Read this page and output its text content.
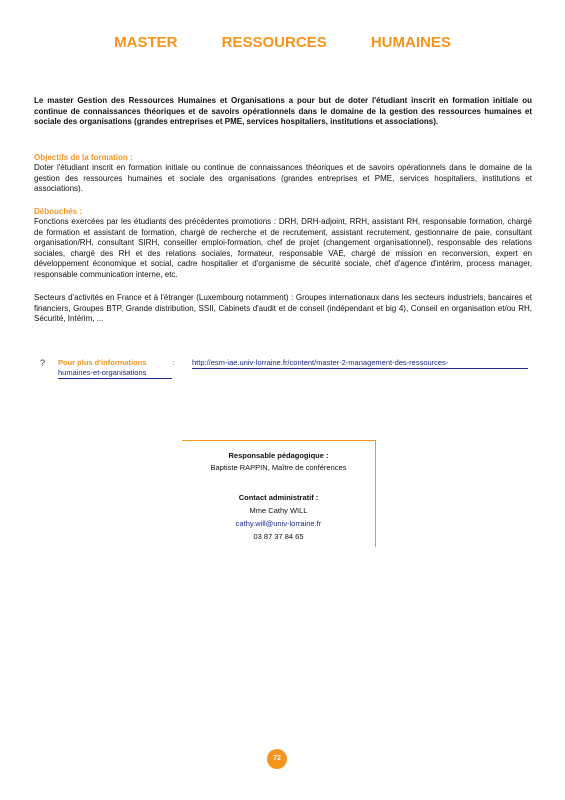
MASTER RESSOURCES HUMAINES
Le master Gestion des Ressources Humaines et Organisations a pour but de doter l'étudiant inscrit en formation initiale ou continue de connaissances théoriques et de savoirs opérationnels dans le domaine de la gestion des ressources humaines et sociale des organisations (grandes entreprises et PME, services hospitaliers, institutions et associations).
Objectifs de la formation :
Doter l'étudiant inscrit en formation initiale ou continue de connaissances théoriques et de savoirs opérationnels dans le domaine de la gestion des ressources humaines et sociale des organisations (grandes entreprises et PME, services hospitaliers, institutions et associations).
Débouchés :
Fonctions exercées par les étudiants des précédentes promotions : DRH, DRH-adjoint, RRH, assistant RH, responsable formation, chargé de formation et assistant de formation, chargé de recherche et de recrutement, assistant recrutement, gestionnaire de paie, consultant organisation/RH, consultant SIRH, conseiller emploi-formation, chef de projet (changement organisationnel), responsable des relations sociales, chargé des RH et des relations sociales, formateur, responsable VAE, chargé de mission en reconversion, expert en développement économique et social, cadre hospitalier et d'organisme de sécurité sociale, chef d'agence d'intérim, process manager, responsable communication interne, etc.
Secteurs d'activités en France et à l'étranger (Luxembourg notamment) : Groupes internationaux dans les secteurs industriels, bancaires et financiers, Groupes BTP, Grande distribution, SSII, Cabinets d'audit et de conseil (indépendant et big 4), Conseil en organisation et/ou RH, Sécurité, Intérim, ...
? Pour plus d'informations	: http://esm-iae.univ-lorraine.fr/content/master-2-management-des-ressources-
humaines-et-organisations
Responsable pédagogique :
Baptiste RAPPIN, Maître de conférences
Contact administratif :
Mme Cathy WILL
cathy.will@univ-lorraine.fr
03 87 37 84 65
72
